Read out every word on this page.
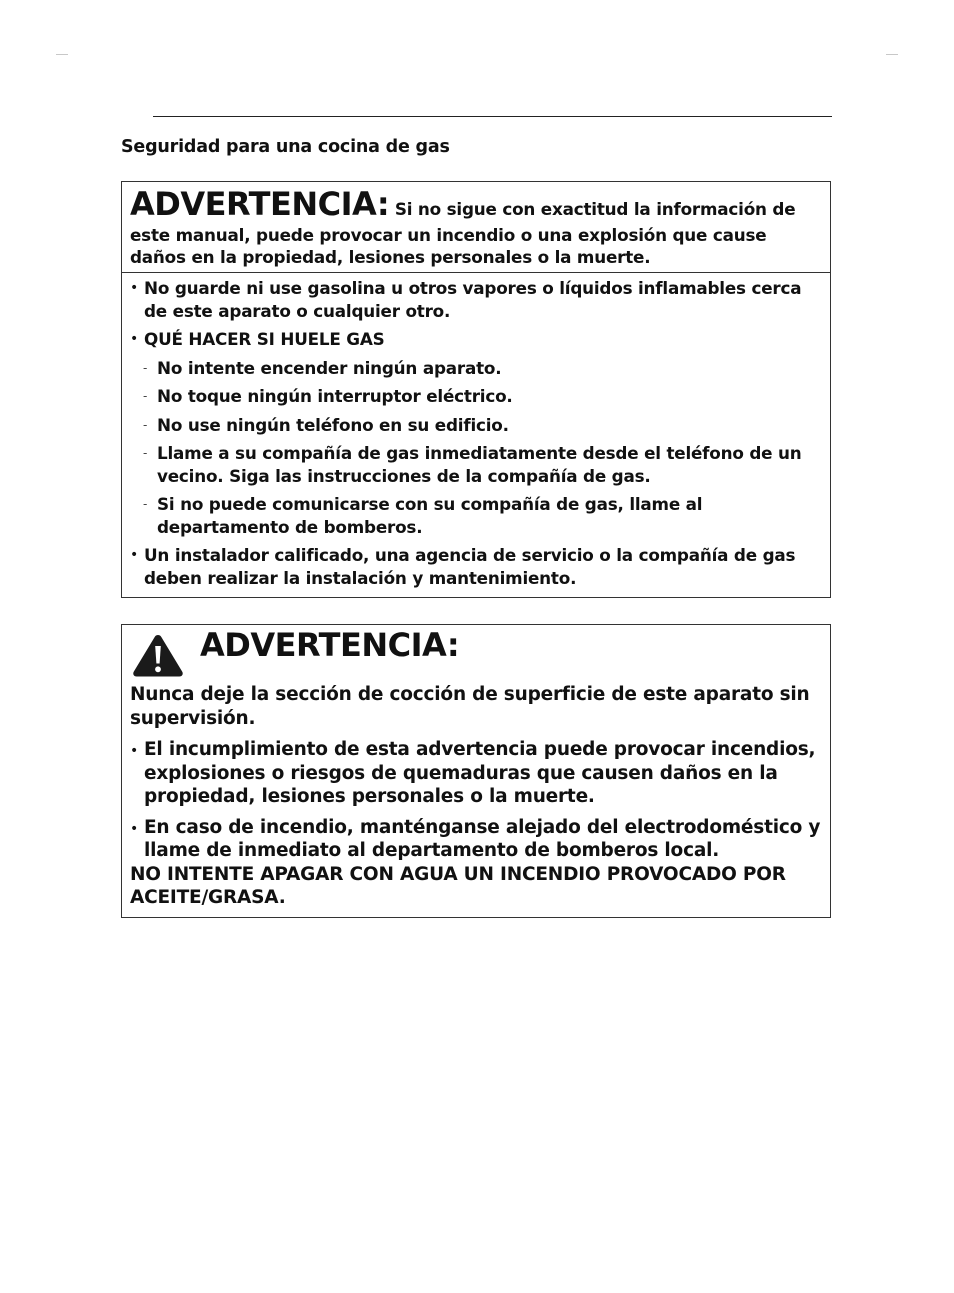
Seguridad para una cocina de gas
ADVERTENCIA: Si no sigue con exactitud la información de este manual, puede provocar un incendio o una explosión que cause daños en la propiedad, lesiones personales o la muerte.
• No guarde ni use gasolina u otros vapores o líquidos inflamables cerca de este aparato o cualquier otro.
• QUÉ HACER SI HUELE GAS
- No intente encender ningún aparato.
- No toque ningún interruptor eléctrico.
- No use ningún teléfono en su edificio.
- Llame a su compañía de gas inmediatamente desde el teléfono de un vecino. Siga las instrucciones de la compañía de gas.
- Si no puede comunicarse con su compañía de gas, llame al departamento de bomberos.
• Un instalador calificado, una agencia de servicio o la compañía de gas deben realizar la instalación y mantenimiento.
ADVERTENCIA:
Nunca deje la sección de cocción de superficie de este aparato sin supervisión.
• El incumplimiento de esta advertencia puede provocar incendios, explosiones o riesgos de quemaduras que causen daños en la propiedad, lesiones personales o la muerte.
• En caso de incendio, manténganse alejado del electrodoméstico y llame de inmediato al departamento de bomberos local.
NO INTENTE APAGAR CON AGUA UN INCENDIO PROVOCADO POR ACEITE/GRASA.
